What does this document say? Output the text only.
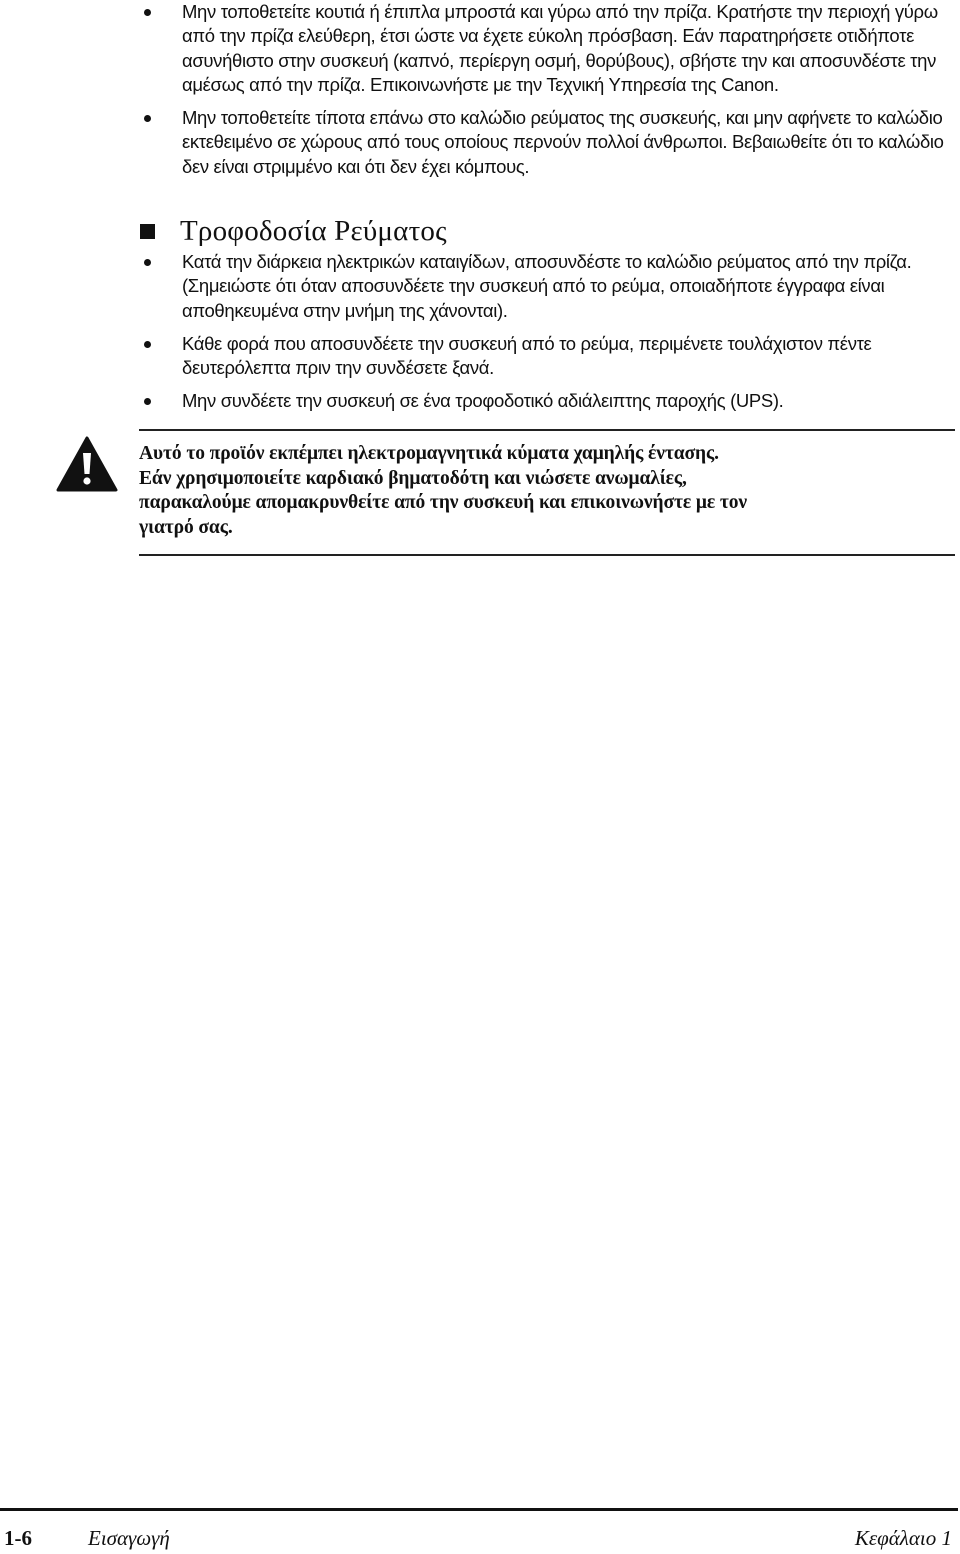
Μην τοποθετείτε κουτιά ή έπιπλα μπροστά και γύρω από την πρίζα. Κρατήστε την περιοχή γύρω από την πρίζα ελεύθερη, έτσι ώστε να έχετε εύκολη πρόσβαση. Εάν παρατηρήσετε οτιδήποτε ασυνήθιστο στην συσκευή (καπνό, περίεργη οσμή, θορύβους), σβήστε την και αποσυνδέστε την αμέσως από την πρίζα. Επικοινωνήστε με την Τεχνική Υπηρεσία της Canon.
Μην τοποθετείτε τίποτα επάνω στο καλώδιο ρεύματος της συσκευής, και μην αφήνετε το καλώδιο εκτεθειμένο σε χώρους από τους οποίους περνούν πολλοί άνθρωποι. Βεβαιωθείτε ότι το καλώδιο δεν είναι στριμμένο και ότι δεν έχει κόμπους.
Τροφοδοσία Ρεύματος
Κατά την διάρκεια ηλεκτρικών καταιγίδων, αποσυνδέστε το καλώδιο ρεύματος από την πρίζα. (Σημειώστε ότι όταν αποσυνδέετε την συσκευή από το ρεύμα, οποιαδήποτε έγγραφα είναι αποθηκευμένα στην μνήμη της χάνονται).
Κάθε φορά που αποσυνδέετε την συσκευή από το ρεύμα, περιμένετε τουλάχιστον πέντε δευτερόλεπτα πριν την συνδέσετε ξανά.
Μην συνδέετε την συσκευή σε ένα τροφοδοτικό αδιάλειπτης παροχής (UPS).
Αυτό το προϊόν εκπέμπει ηλεκτρομαγνητικά κύματα χαμηλής έντασης.
Εάν χρησιμοποιείτε καρδιακό βηματοδότη και νιώσετε ανωμαλίες,
παρακαλούμε απομακρυνθείτε από την συσκευή και επικοινωνήστε με τον
γιατρό σας.
1-6	Εισαγωγή	Κεφάλαιο 1
